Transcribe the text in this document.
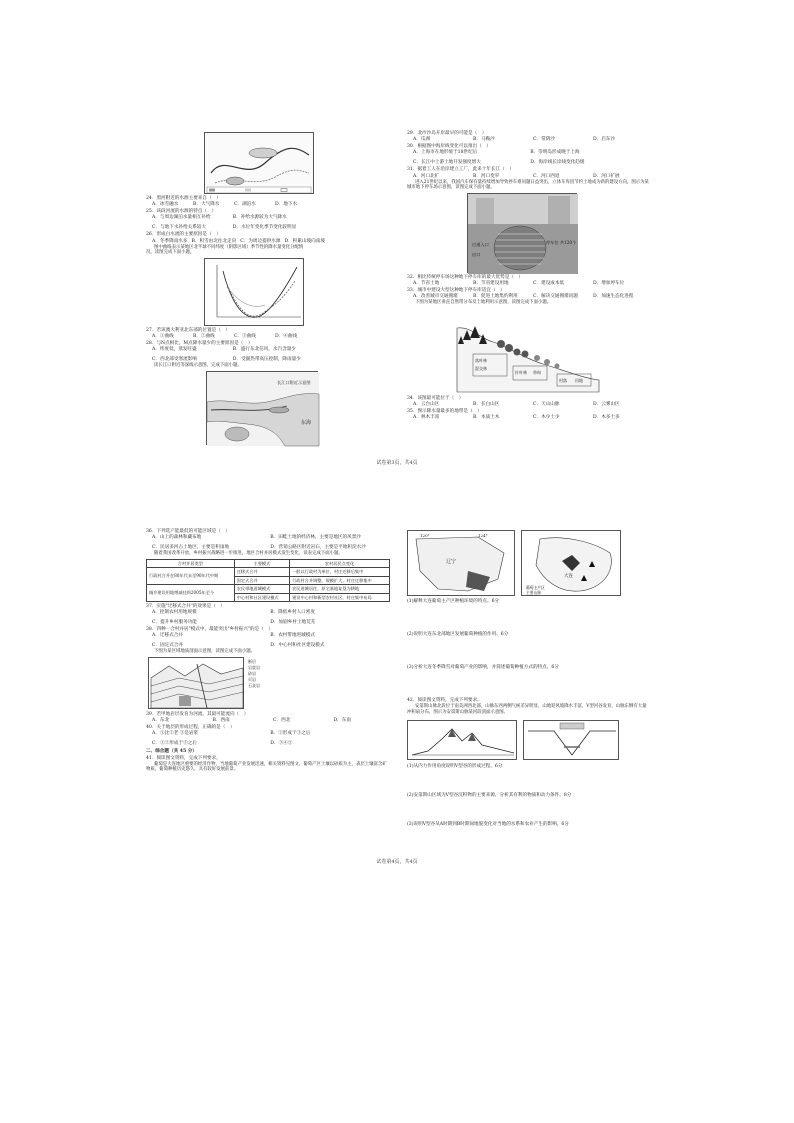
24．黑河附近的水源主要来自（　）

A．冰雪融水	B．大气降水	C．湖泊水	D．地下水

25．该段河流的水源的特点（　）

A．与周边湖泊水量相互补给	B．补给水源较为大气降水
C．与地下水补给关系较大	D．水位年变化季节变化较明显

26．形成白水流的主要原因是（　）

A．冬季降雨水多 B．积雪由北往北走向 C．为周边提供水源 D．积累山坡向南坡

图中曲线表示某地区北半球不同纬度（阴影区域）季节性的降水量变化分配情况，读图完成下面小题。

27．若该澳大利亚北东部的位置是（　）

A．①曲线	B．②曲线	C．③曲线	D．④曲线

28．与N点相比，M点降水量少的主要原因是（　）

A．纬度低，蒸发旺盛	B．盛行东北信风，水汽含量少
C．西北部受寒流影响	D．受副热带高压控制，降雨量少

读长江口附近等深线示意图，完成下面小题。

长江口附近示意图
东海

29．北沙沙岛开岸最早的可能是（　）

A．瓜洲	B．马鞍沙	C．常阴沙	D．启东沙

30．根据图中海岸线变化可以推出（　）

A．上海市在地形缓于18世纪后	B．崇明岛形成晚于上海
C．长江中上游土地开发强度增大	D．海岸线长岸线变化趋缓

31．据着工人在沿岸建立工厂，此来十年长江（　）

A．河口北扩	B．河口变窄	C．河口西退	D．河口扩展

进入21世纪以来，我国汽车保有量持续增加导致停车难问题日益突出，立体车库因节约土地成为新的建设方向，图示为某城市地下停车场示意图，读图完成下面小题。

过道入口
出口
停车位 共120个

32．相比传统停车场这种地下停车库的最大优势是（　）

A．节省土地	B．节省建设用地	C．建设成本低	D．增加停车位

33．城市中建设大型这种地下停车库适宜（　）

A．改善城市交通拥堵	B．促进土地集约利用	C．解决交通拥堵问题	D．加速生态化进程

下图为某地区垂直自然带分布及土地利用示意图，读图完成下面小题。

落叶林
混交林
针叶林 草甸
村落 田地

34．该图最可能位于（　）

A．云台山区	B．长白山区	C．天山山脉	D．云雾山区

35．图示降水量最多的地带是（　）

A．林木丰富	B．木质土木	C．木少土少	D．木多土多
试卷第3页，共4页

36．下列选产能最低的可能区域是（　）

A．山上的森林和藏布地	B．田畦土地的经济林，主要是地区的风景沙
C．民居多河占土地区，主要是积雨地	D．营销公路区附近岩石，主要是平地积淀水沙

随着我国改革开放，乡村振兴战略进一步推进，地区合村并居模式发生变化，读表完成下面小题。

合村并居类型	主要模式	农村居民点变化
行政村合并在80年代末至90年代中期	迁移式合并	一般以行政村为单位，村庄迁移后集中
	固定式合并	行政村合并调整，规模扩大，村庄迁移集中
城乡建设用地增减挂钩2005年至今	农民带地进城模式	农民进城居住，原宅基地复垦为耕地
	中心村和社区建设模式	建设中心村和新型农村社区，村庄集中布局

37．实施"迁移式合并"的效果是（　）

A．控制农村用地规模	B．降低乡村人口密度
C．提升乡村服务功能	D．加剧乡村土地荒芜

38．四种一合村并居"模式中，最能突出"乡村振兴"的是（　）

A．迁移式合并	B．农村带地进城模式
C．固定式合并	D．中心村和社区建设模式

下图为某区域地质剖面示意图，读图完成下面小题。

断层

岩浆岩

砂岩

页岩

石灰岩

39．若甲地岩层发育为河流，其最可能流向（　）

A．东北	B．西南	C．西北	D．东南

40．关于地层的形成过程，正确的是（　）

A．①比②老 ③是岩浆	B．②形成于③之后
C．①②形成于③之后	D．③④⑤

二、综合题（共 45 分）

41．阅读图文资料，完成下列要求。

葡萄是大连地区重要的经济作物，当地葡萄产业发展迅速，相关资料见图文，葡萄产区土壤以砂质为主，表层土壤富含矿物质，葡萄种植历史悠久，具有较好发展前景。

120°	124°
辽宁
大连
葡萄主产区
主要山脉

(1)解释大连葡萄主产区种植环境的特点。6分

(2)说明大连东北部地区发展葡萄种植的作用。6分

(3)分析大连冬季降雪对葡萄产业的影响，并简述葡萄种植方式的特点。6分

42．阅读图文资料，完成下列要求。

安第斯山脉北段位于南美洲西北部，山脉东西两侧气候差异明显，山地迎风坡降水丰富，V型河谷发育，山脉东侧有大量冲积扇分布，图示为安第斯山脉某河段剖面示意图。

(1)从内力作用角度说明V型谷的形成过程。6分

(2)安第斯山区域为V型谷沉积物的主要来源，分析其有利的物质和动力条件。8分

(3)说明V型谷从A时期到B时期间地貌变化对当地的水系和农业产生的影响。6分

试卷第4页，共4页
